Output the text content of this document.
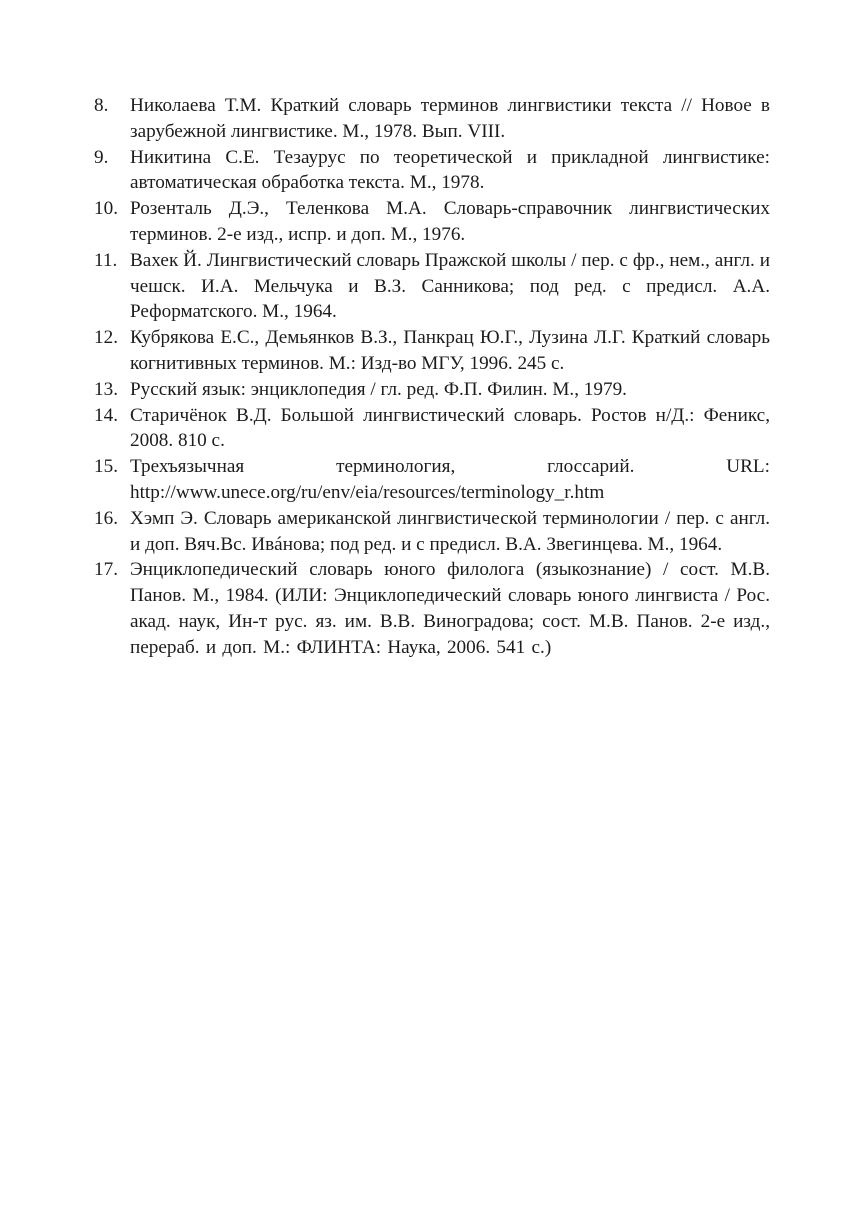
8.	Николаева Т.М. Краткий словарь терминов лингвистики текста // Новое в зарубежной лингвистике. М., 1978. Вып. VIII.
9.	Никитина С.Е. Тезаурус по теоретической и прикладной лингвистике: автоматическая обработка текста. М., 1978.
10. Розенталь Д.Э., Теленкова М.А. Словарь-справочник лингвистических терминов. 2-е изд., испр. и доп. М., 1976.
11. Вахек Й. Лингвистический словарь Пражской школы / пер. с фр., нем., англ. и чешск. И.А. Мельчука и В.З. Санникова; под ред. с предисл. А.А. Реформатского. М., 1964.
12. Кубрякова Е.С., Демьянков В.З., Панкрац Ю.Г., Лузина Л.Г. Краткий словарь когнитивных терминов. М.: Изд-во МГУ, 1996. 245 с.
13. Русский язык: энциклопедия / гл. ред. Ф.П. Филин. М., 1979.
14. Старичёнок В.Д. Большой лингвистический словарь. Ростов н/Д.: Феникс, 2008. 810 с.
15. Трехъязычная терминология, глоссарий. URL: http://www.unece.org/ru/env/eia/resources/terminology_r.htm
16. Хэмп Э. Словарь американской лингвистической терминологии / пер. с англ. и доп. Вяч.Вс. Ивáнова; под ред. и с предисл. В.А. Звегинцева. М., 1964.
17. Энциклопедический словарь юного филолога (языкознание) / сост. М.В. Панов. М., 1984. (ИЛИ: Энциклопедический словарь юного лингвиста / Рос. акад. наук, Ин-т рус. яз. им. В.В. Виноградова; сост. М.В. Панов. 2-е изд., перераб. и доп. М.: ФЛИНТА: Наука, 2006. 541 с.)
